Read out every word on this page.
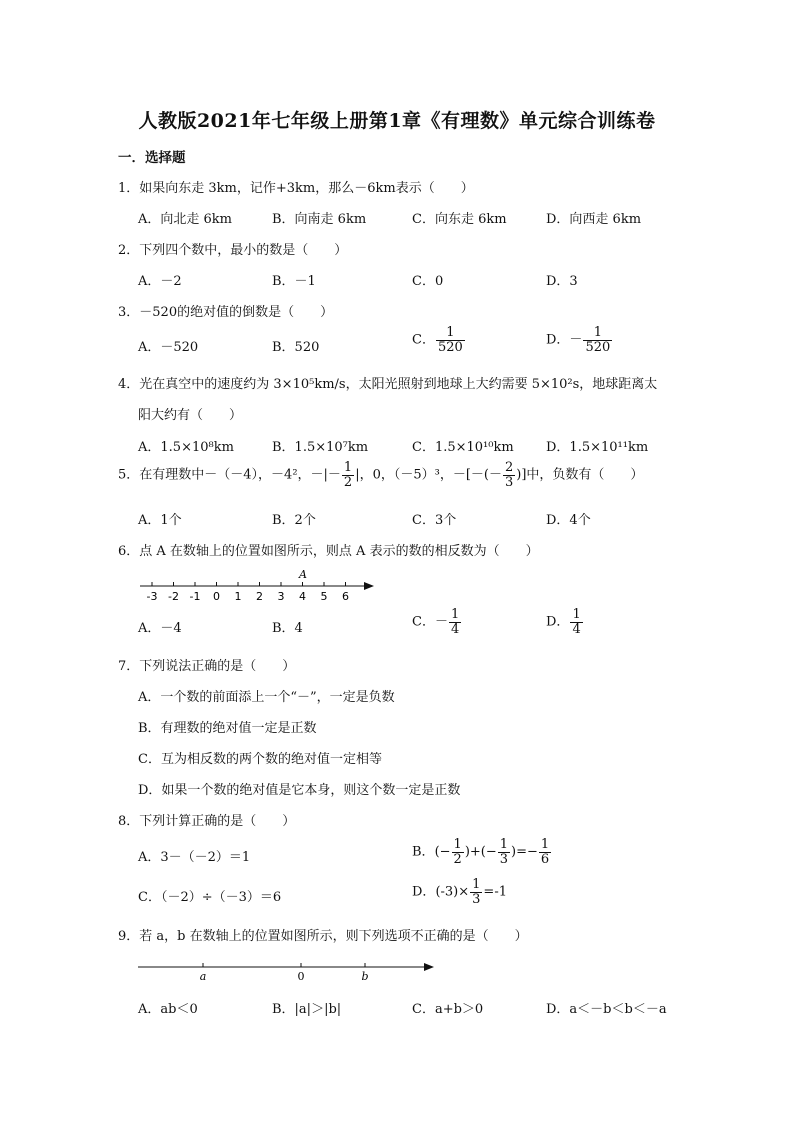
人教版2021年七年级上册第1章《有理数》单元综合训练卷
一．选择题
1．如果向东走 3km，记作+3km，那么－6km表示（　　）
A．向北走 6km	B．向南走 6km	C．向东走 6km	D．向西走 6km
2．下列四个数中，最小的数是（　　）
A．－2	B．－1	C．0	D．3
3．－520的绝对值的倒数是（　　）
A．－520	B．520	C． $\frac{1}{520}$	D．－ $\frac{1}{520}$
4．光在真空中的速度约为 3×10⁵km/s，太阳光照射到地球上大约需要 5×10²s，地球距离太
阳大约有（　　）
A．1.5×10⁸km	B．1.5×10⁷km	C．1.5×10¹⁰km D．1.5×10¹¹km
5．在有理数中－（－4），－4²，－|－ $\frac{1}{2}$ |，0，（－5）³，－[－(－ $\frac{2}{3}$ )]中，负数有（　　）
A．1个	B．2个	C．3个	D．4个
6．点 A 在数轴上的位置如图所示，则点 A 表示的数的相反数为（　　）
-3 -2 -1 0 1 2 3 4 5 6
A
A．－4	B．4	C．－ $\frac{1}{4}$	D． $\frac{1}{4}$
7．下列说法正确的是（　　）
A．一个数的前面添上一个“－”，一定是负数
B．有理数的绝对值一定是正数
C．互为相反数的两个数的绝对值一定相等
D．如果一个数的绝对值是它本身，则这个数一定是正数
8．下列计算正确的是（　　）
A．3－（－2）＝1	B．(− $\frac{1}{2}$ )+(− $\frac{1}{3}$ )=− $\frac{1}{6}$
C．（－2）÷（－3）＝6	D．$(-3)\times \frac{1}{3} =-1$
9．若 a，b 在数轴上的位置如图所示，则下列选项不正确的是（　　）
a	0	b
A．ab＜0	B．|a|＞|b|	C．a+b＞0	D．a＜－b＜b＜－a
